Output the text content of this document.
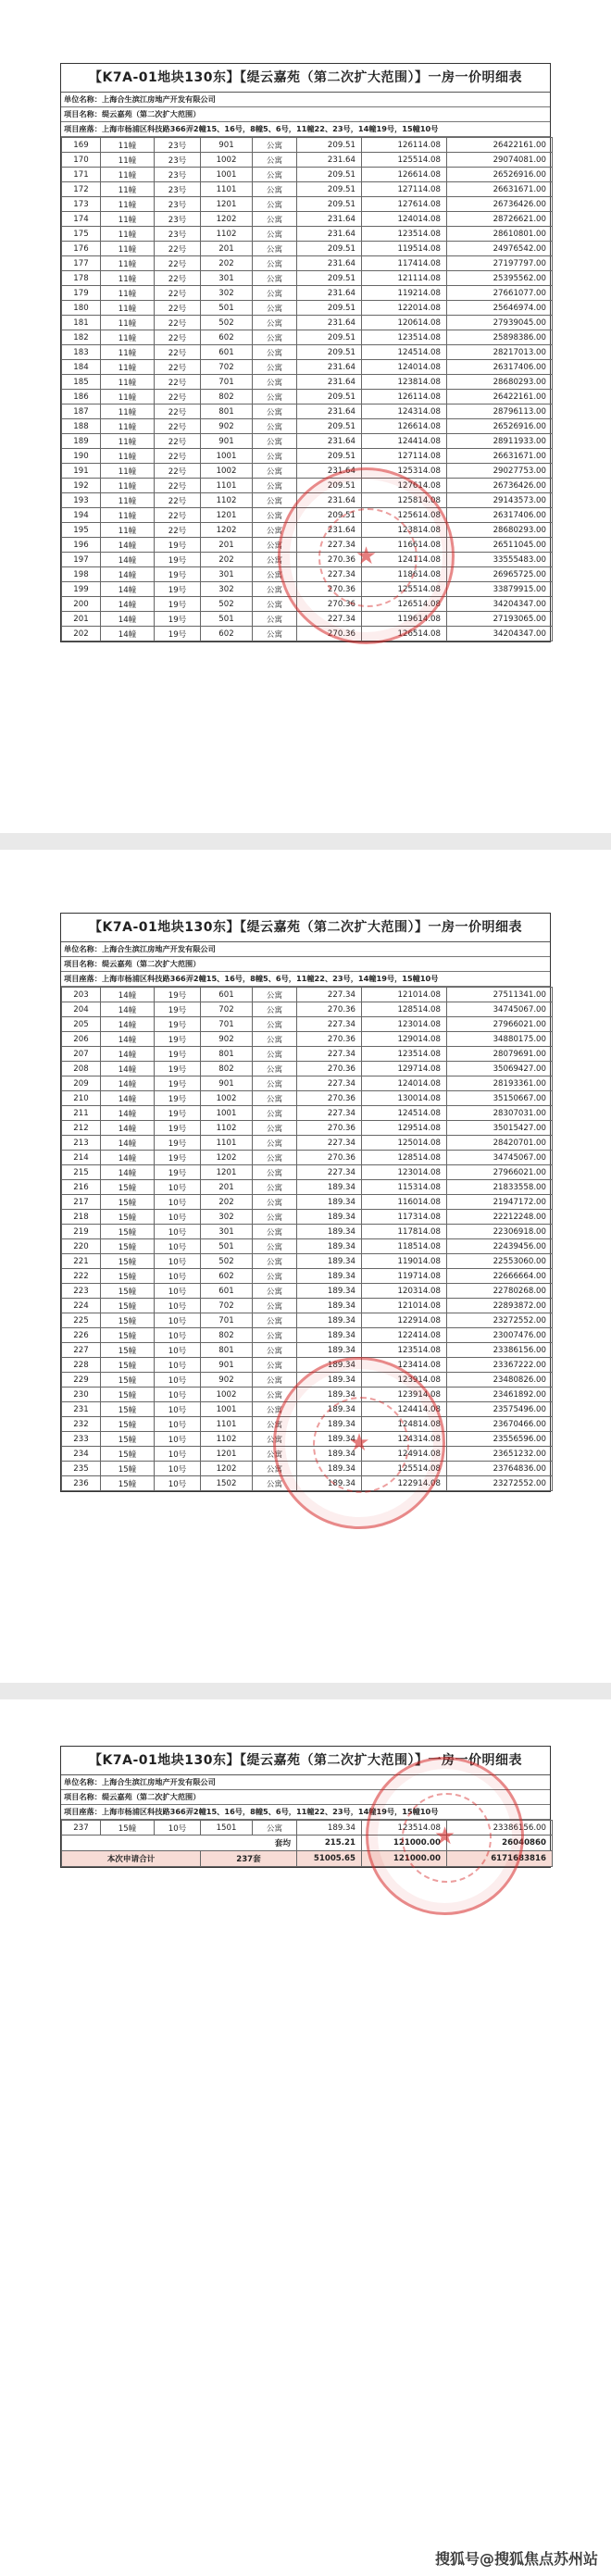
【K7A-01地块130东】【缇云嘉苑（第二次扩大范围）】一房一价明细表
单位名称：上海合生滨江房地产开发有限公司
项目名称：缇云嘉苑（第二次扩大范围）
项目座落：上海市杨浦区科技路366弄2幢15、16号，8幢5、6号，11幢22、23号，14幢19号，15幢10号
169	11幢	23号	901	公寓	209.51	126114.08	26422161.00
170	11幢	23号	1002	公寓	231.64	125514.08	29074081.00
171	11幢	23号	1001	公寓	209.51	126614.08	26526916.00
172	11幢	23号	1101	公寓	209.51	127114.08	26631671.00
173	11幢	23号	1201	公寓	209.51	127614.08	26736426.00
174	11幢	23号	1202	公寓	231.64	124014.08	28726621.00
175	11幢	23号	1102	公寓	231.64	123514.08	28610801.00
176	11幢	22号	201	公寓	209.51	119514.08	24976542.00
177	11幢	22号	202	公寓	231.64	117414.08	27197797.00
178	11幢	22号	301	公寓	209.51	121114.08	25395562.00
179	11幢	22号	302	公寓	231.64	119214.08	27661077.00
180	11幢	22号	501	公寓	209.51	122014.08	25646974.00
181	11幢	22号	502	公寓	231.64	120614.08	27939045.00
182	11幢	22号	602	公寓	209.51	123514.08	25898386.00
183	11幢	22号	601	公寓	209.51	124514.08	28217013.00
184	11幢	22号	702	公寓	231.64	124014.08	26317406.00
185	11幢	22号	701	公寓	231.64	123814.08	28680293.00
186	11幢	22号	802	公寓	209.51	126114.08	26422161.00
187	11幢	22号	801	公寓	231.64	124314.08	28796113.00
188	11幢	22号	902	公寓	209.51	126614.08	26526916.00
189	11幢	22号	901	公寓	231.64	124414.08	28911933.00
190	11幢	22号	1001	公寓	209.51	127114.08	26631671.00
191	11幢	22号	1002	公寓	231.64	125314.08	29027753.00
192	11幢	22号	1101	公寓	209.51	127614.08	26736426.00
193	11幢	22号	1102	公寓	231.64	125814.08	29143573.00
194	11幢	22号	1201	公寓	209.51	125614.08	26317406.00
195	11幢	22号	1202	公寓	231.64	123814.08	28680293.00
196	14幢	19号	201	公寓	227.34	116614.08	26511045.00
197	14幢	19号	202	公寓	270.36	124114.08	33555483.00
198	14幢	19号	301	公寓	227.34	118614.08	26965725.00
199	14幢	19号	302	公寓	270.36	125514.08	33879915.00
200	14幢	19号	502	公寓	270.36	126514.08	34204347.00
201	14幢	19号	501	公寓	227.34	119614.08	27193065.00
202	14幢	19号	602	公寓	270.36	126514.08	34204347.00
★
【K7A-01地块130东】【缇云嘉苑（第二次扩大范围）】一房一价明细表
单位名称：上海合生滨江房地产开发有限公司
项目名称：缇云嘉苑（第二次扩大范围）
项目座落：上海市杨浦区科技路366弄2幢15、16号，8幢5、6号，11幢22、23号，14幢19号，15幢10号
203	14幢	19号	601	公寓	227.34	121014.08	27511341.00
204	14幢	19号	702	公寓	270.36	128514.08	34745067.00
205	14幢	19号	701	公寓	227.34	123014.08	27966021.00
206	14幢	19号	902	公寓	270.36	129014.08	34880175.00
207	14幢	19号	801	公寓	227.34	123514.08	28079691.00
208	14幢	19号	802	公寓	270.36	129714.08	35069427.00
209	14幢	19号	901	公寓	227.34	124014.08	28193361.00
210	14幢	19号	1002	公寓	270.36	130014.08	35150667.00
211	14幢	19号	1001	公寓	227.34	124514.08	28307031.00
212	14幢	19号	1102	公寓	270.36	129514.08	35015427.00
213	14幢	19号	1101	公寓	227.34	125014.08	28420701.00
214	14幢	19号	1202	公寓	270.36	128514.08	34745067.00
215	14幢	19号	1201	公寓	227.34	123014.08	27966021.00
216	15幢	10号	201	公寓	189.34	115314.08	21833558.00
217	15幢	10号	202	公寓	189.34	116014.08	21947172.00
218	15幢	10号	302	公寓	189.34	117314.08	22212248.00
219	15幢	10号	301	公寓	189.34	117814.08	22306918.00
220	15幢	10号	501	公寓	189.34	118514.08	22439456.00
221	15幢	10号	502	公寓	189.34	119014.08	22553060.00
222	15幢	10号	602	公寓	189.34	119714.08	22666664.00
223	15幢	10号	601	公寓	189.34	120314.08	22780268.00
224	15幢	10号	702	公寓	189.34	121014.08	22893872.00
225	15幢	10号	701	公寓	189.34	122914.08	23272552.00
226	15幢	10号	802	公寓	189.34	122414.08	23007476.00
227	15幢	10号	801	公寓	189.34	123514.08	23386156.00
228	15幢	10号	901	公寓	189.34	123414.08	23367222.00
229	15幢	10号	902	公寓	189.34	123914.08	23480826.00
230	15幢	10号	1002	公寓	189.34	123914.08	23461892.00
231	15幢	10号	1001	公寓	189.34	124414.08	23575496.00
232	15幢	10号	1101	公寓	189.34	124814.08	23670466.00
233	15幢	10号	1102	公寓	189.34	124314.08	23556596.00
234	15幢	10号	1201	公寓	189.34	124914.08	23651232.00
235	15幢	10号	1202	公寓	189.34	125514.08	23764836.00
236	15幢	10号	1502	公寓	189.34	122914.08	23272552.00
★
【K7A-01地块130东】【缇云嘉苑（第二次扩大范围）】一房一价明细表
单位名称：上海合生滨江房地产开发有限公司
项目名称：缇云嘉苑（第二次扩大范围）
项目座落：上海市杨浦区科技路366弄2幢15、16号，8幢5、6号，11幢22、23号，14幢19号，15幢10号
237	15幢	10号	1501	公寓	189.34	123514.08	23386156.00
套均					215.21	121000.00	26040860
本次申请合计			237套		51005.65	121000.00	6171683816
★
搜狐号@搜狐焦点苏州站
